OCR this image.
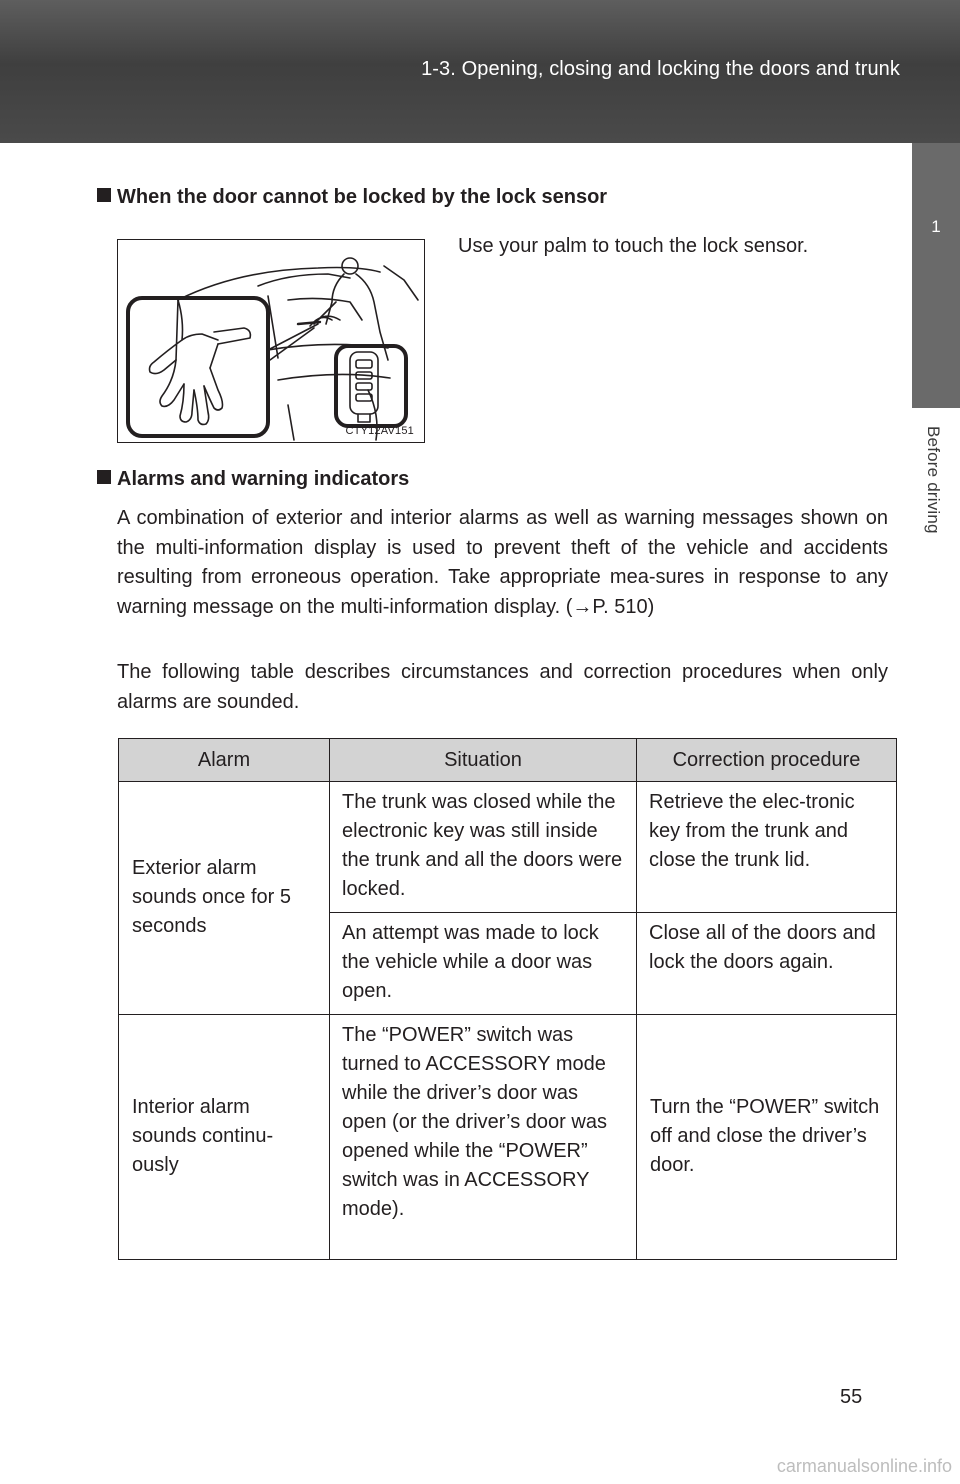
1-3. Opening, closing and locking the doors and trunk
1
Before driving
When the door cannot be locked by the lock sensor
CTY12AV151
Use your palm to touch the lock sensor.
Alarms and warning indicators
A combination of exterior and interior alarms as well as warning messages shown on the multi-information display is used to prevent theft of the vehicle and accidents resulting from erroneous operation. Take appropriate mea-sures in response to any warning message on the multi-information display. (→P. 510)
The following table describes circumstances and correction procedures when only alarms are sounded.
Alarm	Situation	Correction procedure
Exterior alarm sounds once for 5 seconds	The trunk was closed while the electronic key was still inside the trunk and all the doors were locked.	Retrieve the elec-tronic key from the trunk and close the trunk lid.
	An attempt was made to lock the vehicle while a door was open.	Close all of the doors and lock the doors again.
Interior alarm sounds continu-ously	The “POWER” switch was turned to ACCESSORY mode while the driver’s door was open (or the driver’s door was opened while the “POWER” switch was in ACCESSORY mode).	Turn the “POWER” switch off and close the driver’s door.
55
carmanualsonline.info
